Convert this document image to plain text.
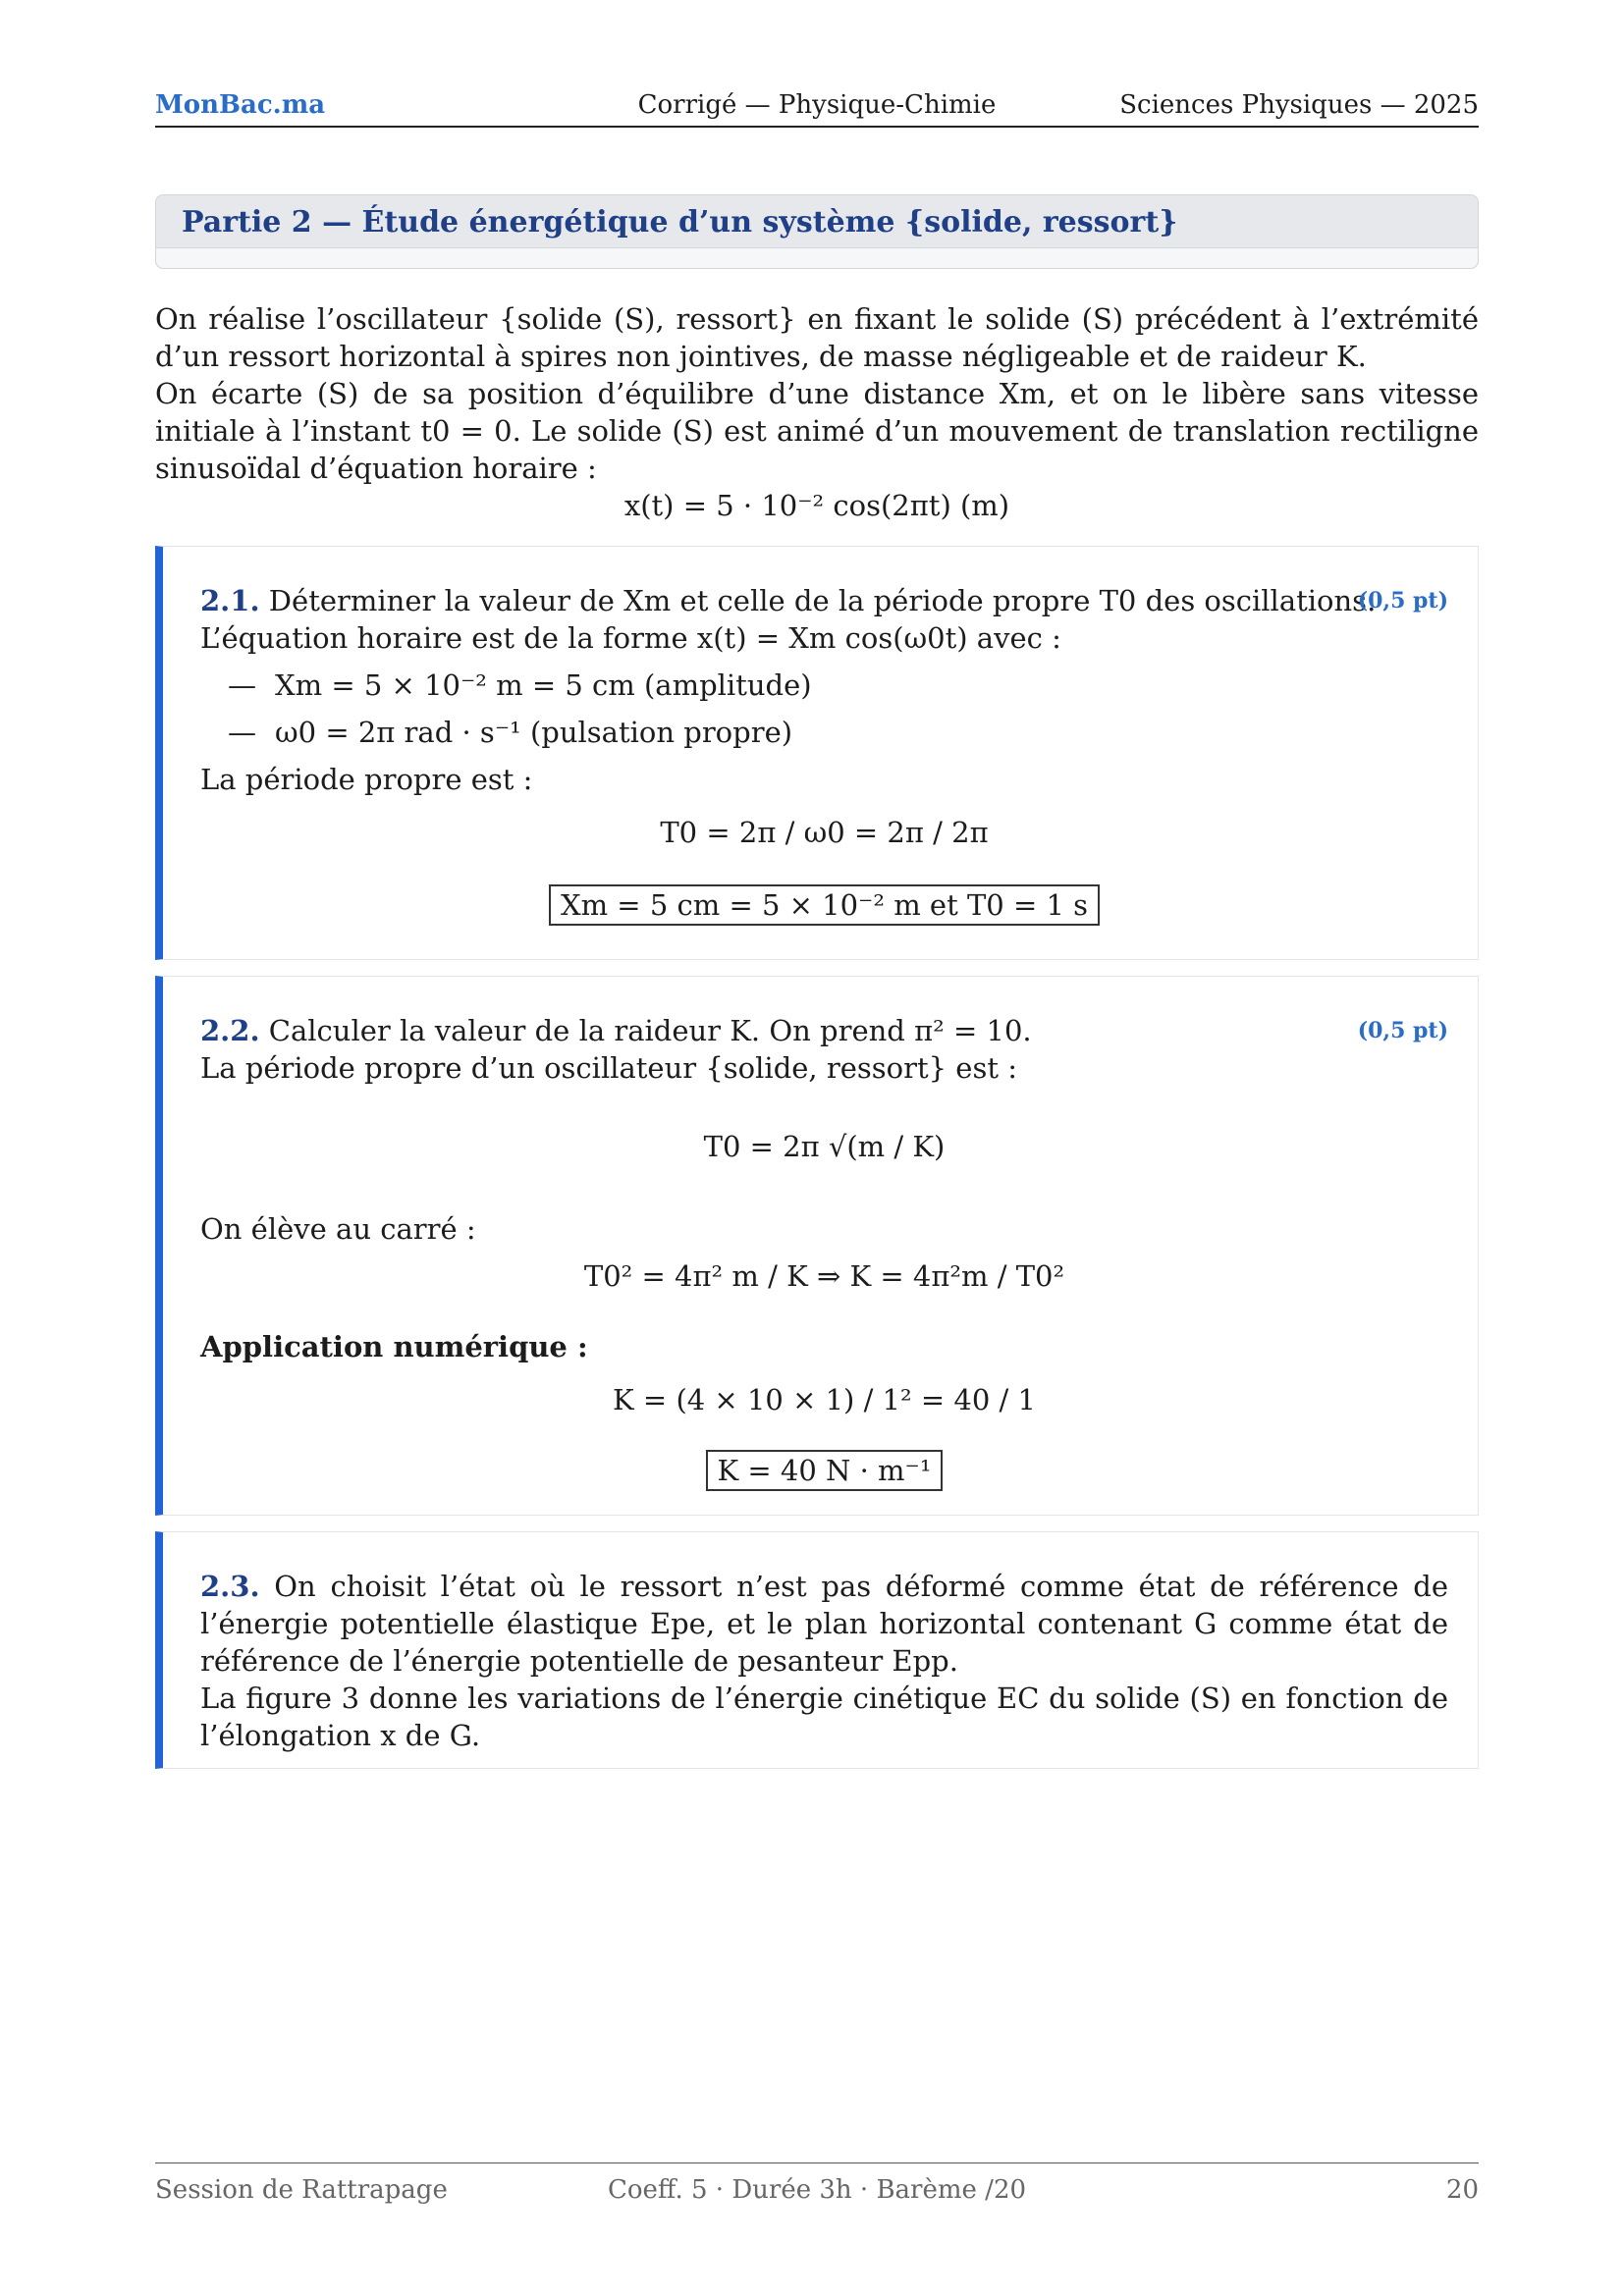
MonBac.ma	Corrigé — Physique-Chimie	Sciences Physiques — 2025
Partie 2 — Étude énergétique d’un système {solide, ressort}

On réalise l’oscillateur {solide (S), ressort} en fixant le solide (S) précédent à l’extrémité d’un ressort horizontal à spires non jointives, de masse négligeable et de raideur K.

On écarte (S) de sa position d’équilibre d’une distance Xm, et on le libère sans vitesse initiale à l’instant t0 = 0. Le solide (S) est animé d’un mouvement de translation rectiligne sinusoïdal d’équation horaire :

x(t) = 5 · 10⁻² cos(2πt) (m)

2.1. Déterminer la valeur de Xm et celle de la période propre T0 des oscillations.
(0,5 pt)
L’équation horaire est de la forme x(t) = Xm cos(ω0t) avec :
— Xm = 5 × 10⁻² m = 5 cm (amplitude)
— ω0 = 2π rad · s⁻¹ (pulsation propre)
La période propre est :
T0 = 2π / ω0 = 2π / 2π
Xm = 5 cm = 5 × 10⁻² m et T0 = 1 s
2.2. Calculer la valeur de la raideur K. On prend π² = 10.	(0,5 pt)
La période propre d’un oscillateur {solide, ressort} est :
T0 = 2π √(m / K)
On élève au carré :
T0² = 4π² m / K ⇒ K = 4π²m / T0²
Application numérique :
K = (4 × 10 × 1) / 1² = 40 / 1
K = 40 N · m⁻¹
2.3. On choisit l’état où le ressort n’est pas déformé comme état de référence de l’énergie potentielle élastique Epe, et le plan horizontal contenant G comme état de référence de l’énergie potentielle de pesanteur Epp.
La figure 3 donne les variations de l’énergie cinétique EC du solide (S) en fonction de l’élongation x de G.
Session de Rattrapage	Coeff. 5 · Durée 3h · Barème /20	20
